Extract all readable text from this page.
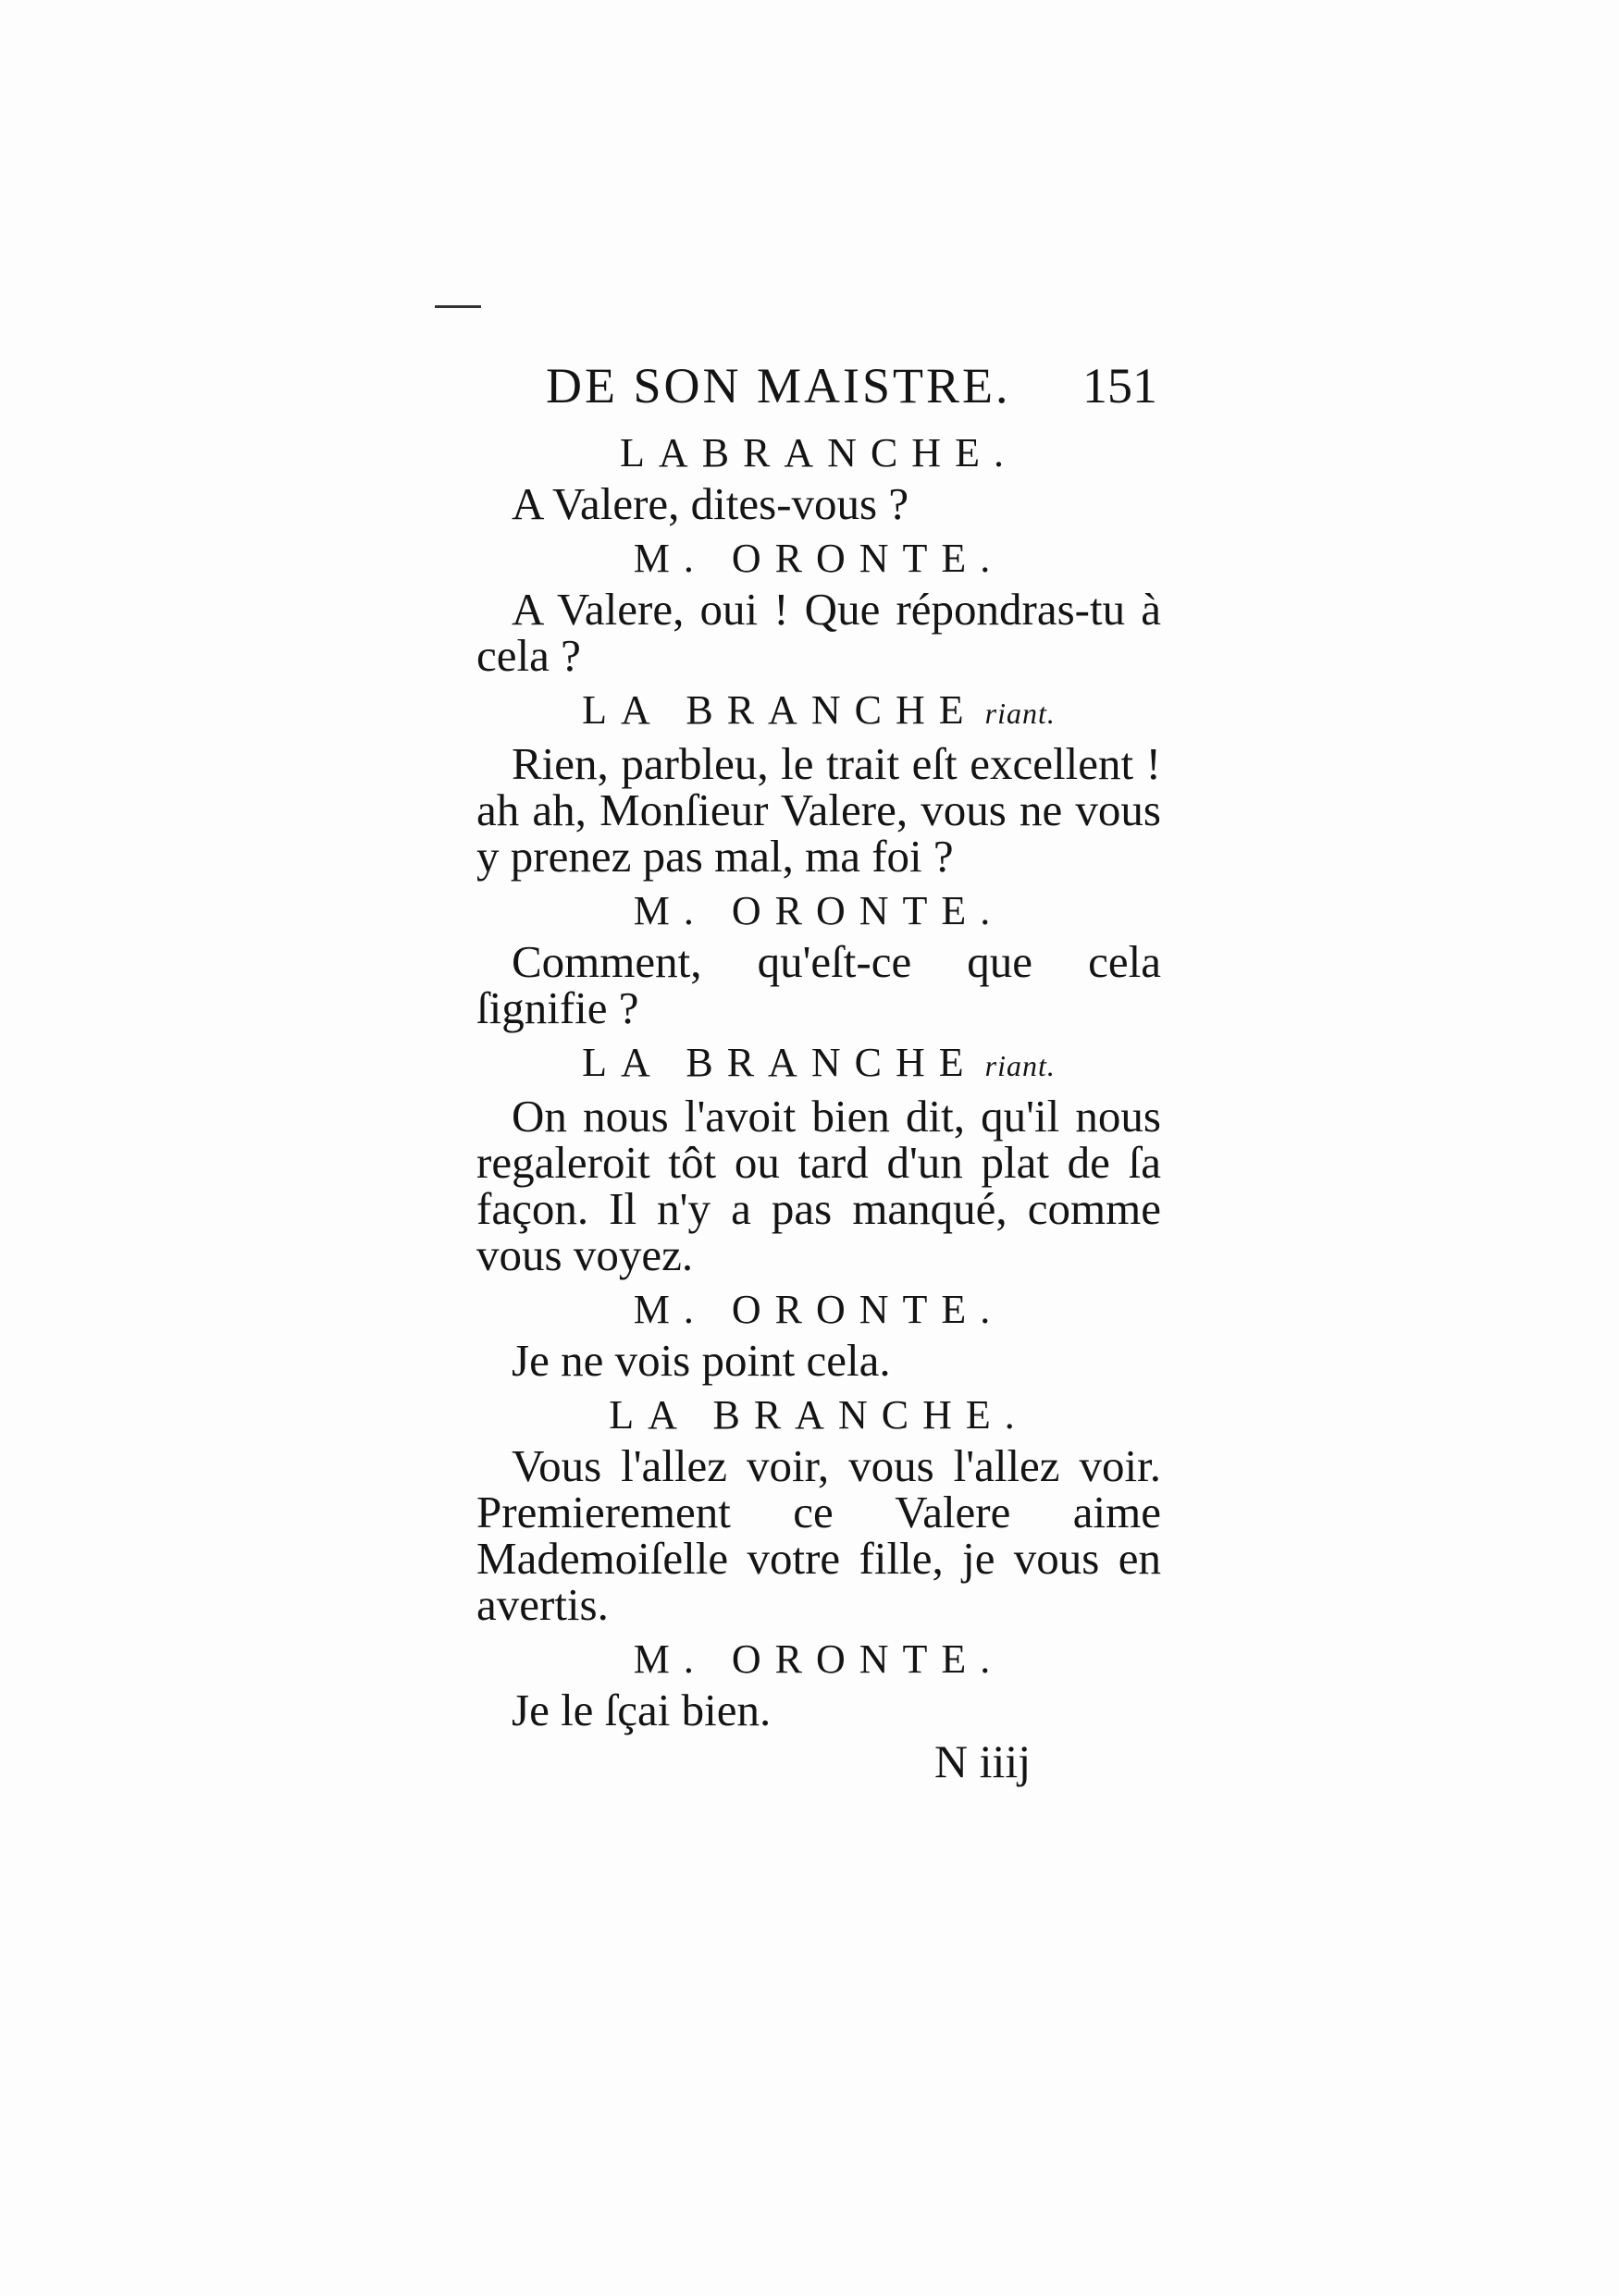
DE SON MAISTRE. 151
LABRANCHE.

A Valere, dites-vous ?

M. ORONTE.

A Valere, oui ! Que répondras-tu à cela ?

LA BRANCHE riant.

Rien, parbleu, le trait eſt excellent ! ah ah, Monſieur Valere, vous ne vous y prenez pas mal, ma foi ?

M. ORONTE.

Comment, qu'eſt-ce que cela ſignifie ?

LA BRANCHE riant.

On nous l'avoit bien dit, qu'il nous regaleroit tôt ou tard d'un plat de ſa façon. Il n'y a pas manqué, comme vous voyez.

M. ORONTE.

Je ne vois point cela.

LA BRANCHE.

Vous l'allez voir, vous l'allez voir. Premierement ce Valere aime Mademoiſelle votre fille, je vous en avertis.

M. ORONTE.

Je le ſçai bien.

N iiij
